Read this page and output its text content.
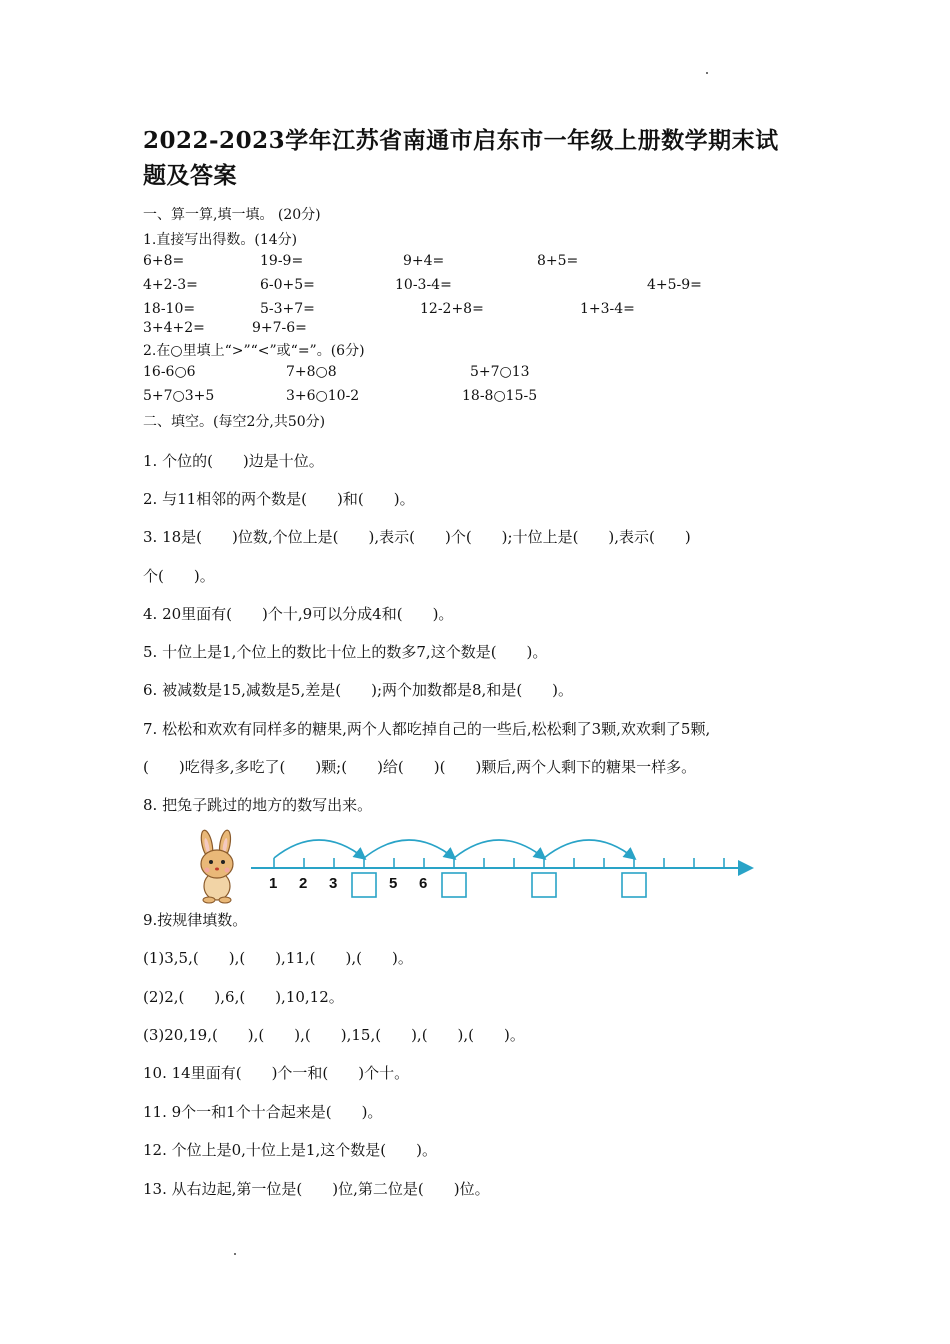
2022-2023学年江苏省南通市启东市一年级上册数学期末试
题及答案
一、算一算,填一填。 (20分)
1.直接写出得数。(14分)
6+8=	19-9=	9+4=	8+5=
4+2-3=	6-0+5=	10-3-4=	4+5-9=
18-10=	5-3+7=	12-2+8=	1+3-4=
3+4+2=	9+7-6=
2.在○里填上“>”“<”或“=”。(6分)
16-6○6	7+8○8	5+7○13
5+7○3+5	3+6○10-2	18-8○15-5
二、填空。(每空2分,共50分)
1. 个位的(　　)边是十位。
2. 与11相邻的两个数是(　　)和(　　)。
3. 18是(　　)位数,个位上是(　　),表示(　　)个(　　);十位上是(　　),表示(　　)
个(　　)。
4. 20里面有(　　)个十,9可以分成4和(　　)。
5. 十位上是1,个位上的数比十位上的数多7,这个数是(　　)。
6. 被减数是15,减数是5,差是(　　);两个加数都是8,和是(　　)。
7. 松松和欢欢有同样多的糖果,两个人都吃掉自己的一些后,松松剩了3颗,欢欢剩了5颗,
(　　)吃得多,多吃了(　　)颗;(　　)给(　　)(　　)颗后,两个人剩下的糖果一样多。
8. 把兔子跳过的地方的数写出来。
1 2 3	5 6
9.按规律填数。
(1)3,5,(　　),(　　),11,(　　),(　　)。
(2)2,(　　),6,(　　),10,12。
(3)20,19,(　　),(　　),(　　),15,(　　),(　　),(　　)。
10. 14里面有(　　)个一和(　　)个十。
11. 9个一和1个十合起来是(　　)。
12. 个位上是0,十位上是1,这个数是(　　)。
13. 从右边起,第一位是(　　)位,第二位是(　　)位。
